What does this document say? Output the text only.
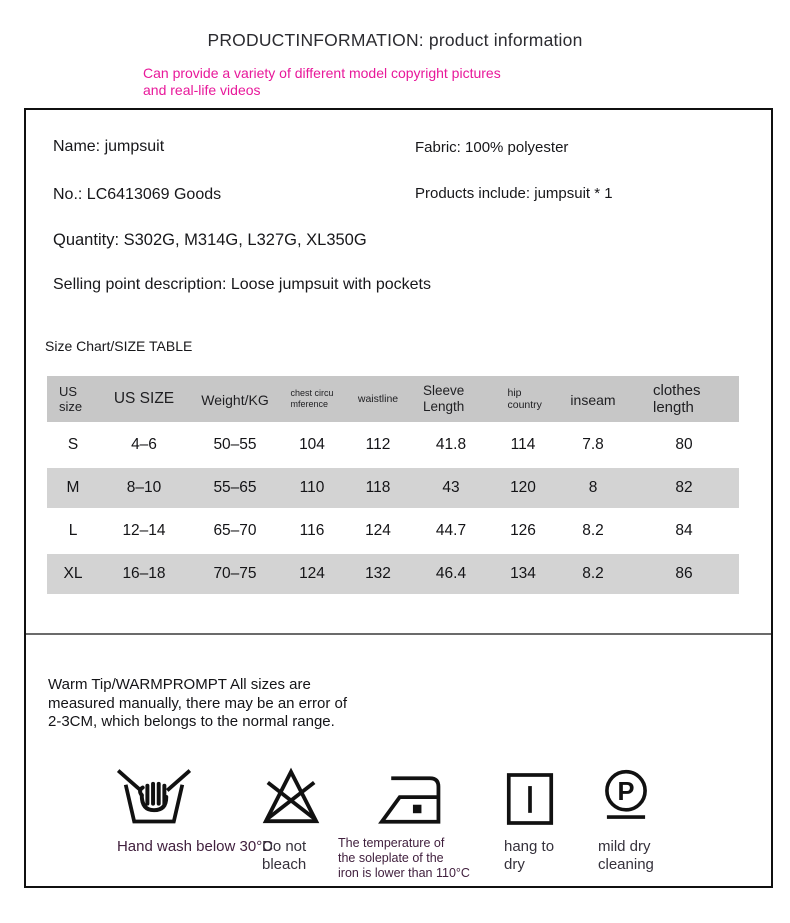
PRODUCTINFORMATION: product information
Can provide a variety of different model copyright pictures
and real-life videos
Name: jumpsuit	Fabric: 100% polyester
No.: LC6413069 Goods	Products include: jumpsuit * 1
Quantity: S302G, M314G, L327G, XL350G
Selling point description: Loose jumpsuit with pockets
Size Chart/SIZE TABLE
US size	US SIZE	Weight/KG	chest circumference	waistline	Sleeve Length	hip country	inseam	clothes length
S	4–6	50–55	104	112	41.8	114	7.8	80
M	8–10	55–65	110	118	43	120	8	82
L	12–14	65–70	116	124	44.7	126	8.2	84
XL	16–18	70–75	124	132	46.4	134	8.2	86
Warm Tip/WARMPROMPT All sizes are
measured manually, there may be an error of
2-3CM, which belongs to the normal range.
P
Hand wash below 30°C
Do not
bleach
The temperature of
the soleplate of the
iron is lower than 110°C
hang to
dry
mild dry
cleaning
